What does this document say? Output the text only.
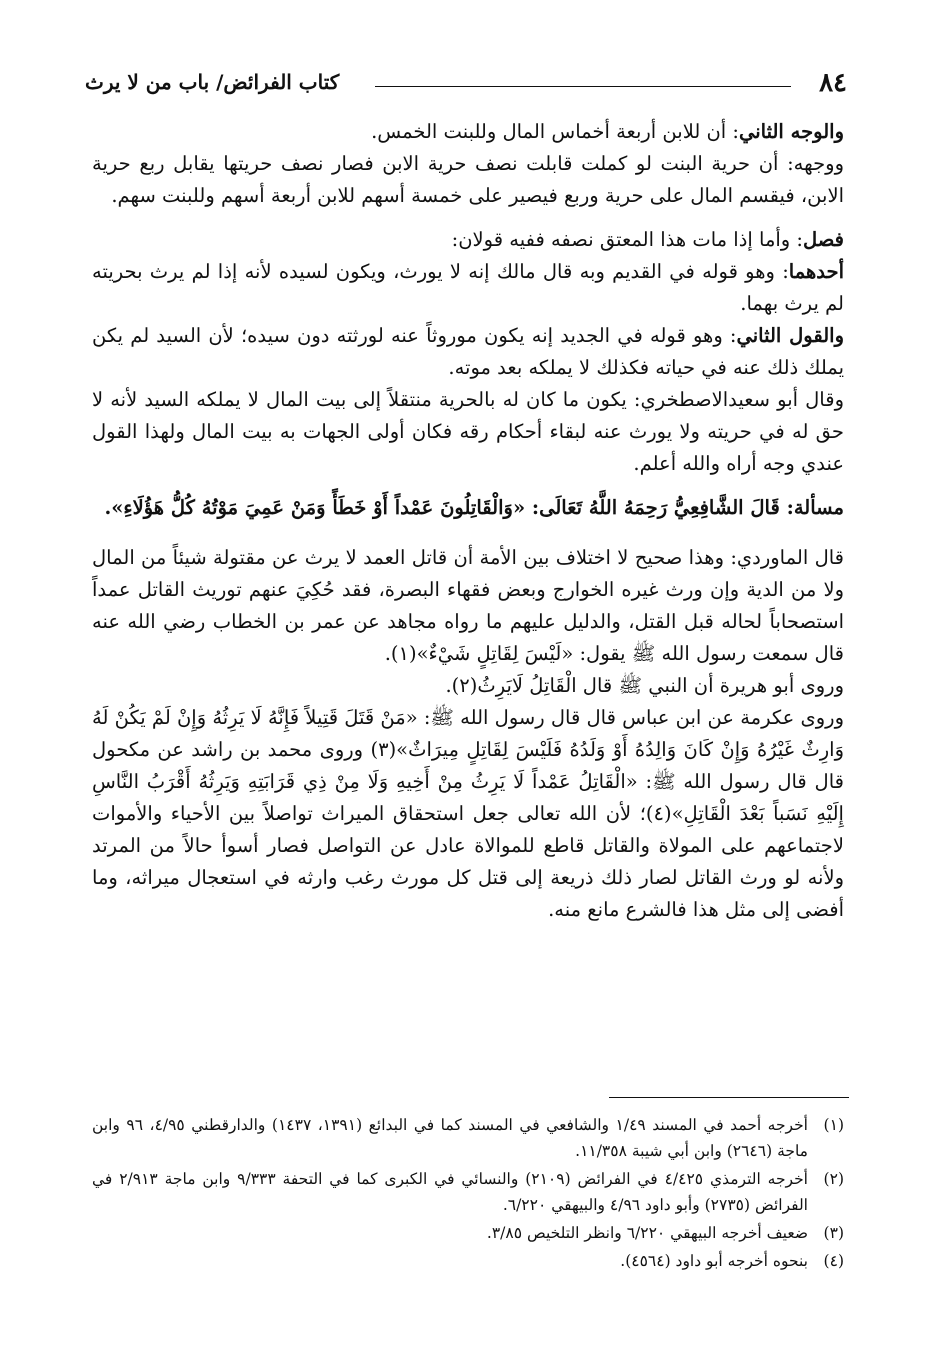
٨٤
كتاب الفرائض/ باب من لا يرث

والوجه الثاني: أن للابن أربعة أخماس المال وللبنت الخمس.

ووجهه: أن حرية البنت لو كملت قابلت نصف حرية الابن فصار نصف حريتها يقابل ربع حرية الابن، فيقسم المال على حرية وربع فيصير على خمسة أسهم للابن أربعة أسهم وللبنت سهم.

فصل: وأما إذا مات هذا المعتق نصفه ففيه قولان:

أحدهما: وهو قوله في القديم وبه قال مالك إنه لا يورث، ويكون لسيده لأنه إذا لم يرث بحريته لم يرث بهما.

والقول الثاني: وهو قوله في الجديد إنه يكون موروثاً عنه لورثته دون سيده؛ لأن السيد لم يكن يملك ذلك عنه في حياته فكذلك لا يملكه بعد موته.

وقال أبو سعيدالاصطخري: يكون ما كان له بالحرية منتقلاً إلى بيت المال لا يملكه السيد لأنه لا حق له في حريته ولا يورث عنه لبقاء أحكام رقه فكان أولى الجهات به بيت المال ولهذا القول عندي وجه أراه والله أعلم.

مسألة: قَالَ الشَّافِعِيُّ رَحِمَهُ اللَّهُ تَعَالَى: «وَالْقَاتِلُونَ عَمْداً أَوْ خَطَأً وَمَنْ عَمِيَ مَوْتُهُ كُلُّ هَؤُلَاءِ».

قال الماوردي: وهذا صحيح لا اختلاف بين الأمة أن قاتل العمد لا يرث عن مقتولة شيئاً من المال ولا من الدية وإن ورث غيره الخوارج وبعض فقهاء البصرة، فقد حُكِيَ عنهم توريث القاتل عمداً استصحاباً لحاله قبل القتل، والدليل عليهم ما رواه مجاهد عن عمر بن الخطاب رضي الله عنه قال سمعت رسول الله ﷺ يقول: «لَيْسَ لِقَاتِلٍ شَيْءٌ»(١).

وروى أبو هريرة أن النبي ﷺ قال الْقَاتِلُ لَايَرِثُ(٢).

وروى عكرمة عن ابن عباس قال قال رسول الله ﷺ: «مَنْ قَتَلَ قَتِيلاً فَإِنَّهُ لَا يَرِثُهُ وَإِنْ لَمْ يَكُنْ لَهُ وَارِثٌ غَيْرُهُ وَإِنْ كَانَ وَالِدُهُ أَوْ وَلَدُهُ فَلَيْسَ لِقَاتِلٍ مِيرَاثٌ»(٣) وروى محمد بن راشد عن مكحول قال قال رسول الله ﷺ: «الْقَاتِلُ عَمْداً لَا يَرِثُ مِنْ أَخِيهِ وَلَا مِنْ ذِي قَرَابَتِهِ وَيَرِثُهُ أَقْرَبُ النَّاسِ إِلَيْهِ نَسَباً بَعْدَ الْقَاتِلِ»(٤)؛ لأن الله تعالى جعل استحقاق الميراث تواصلاً بين الأحياء والأموات لاجتماعهم على المولاة والقاتل قاطع للموالاة عادل عن التواصل فصار أسوأ حالاً من المرتد ولأنه لو ورث القاتل لصار ذلك ذريعة إلى قتل كل مورث رغب وارثه في استعجال ميراثه، وما أفضى إلى مثل هذا فالشرع مانع منه.

(١)
أخرجه أحمد في المسند ١/٤٩ والشافعي في المسند كما في البدائع (١٣٩١، ١٤٣٧) والدارقطني ٤/٩٥، ٩٦ وابن ماجة (٢٦٤٦) وابن أبي شيبة ١١/٣٥٨.

(٢)
أخرجه الترمذي ٤/٤٢٥ في الفرائض (٢١٠٩) والنسائي في الكبرى كما في التحفة ٩/٣٣٣ وابن ماجة ٢/٩١٣ في الفرائض (٢٧٣٥) وأبو داود ٤/٩٦ والبيهقي ٦/٢٢٠.

(٣)
ضعيف أخرجه البيهقي ٦/٢٢٠ وانظر التلخيص ٣/٨٥.

(٤)
بنحوه أخرجه أبو داود (٤٥٦٤).
